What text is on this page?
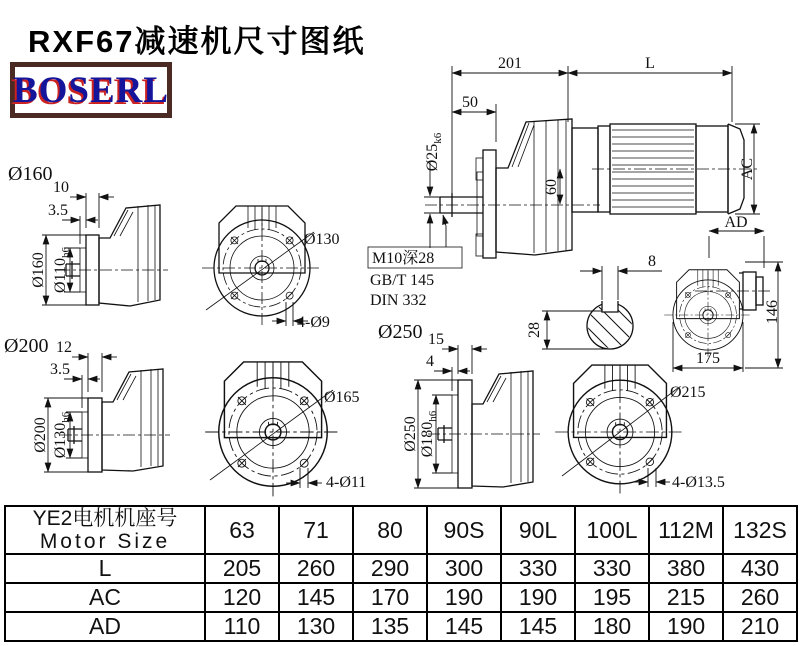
RXF67减速机尺寸图纸
BOSERL
201	L
50
$Ø25_{k6}$
60
AC
M10深28
GB/T 145
DIN 332
8
28
AD
146
175
Ø160
10
3.5
Ø160 $Ø110_{h6}$
Ø130
4-Ø9
Ø200 12
3.5
Ø200 $Ø130_{h6}$
Ø165
4-Ø11
Ø250 15
4
Ø250 $Ø180_{h6}$
Ø215
4-Ø13.5
YE2电机机座号
Motor Size	63	71	80	90S	90L	100L	112M	132S
L	205	260	290	300	330	330	380	430
AC	120	145	170	190	190	195	215	260
AD	110	130	135	145	145	180	190	210
